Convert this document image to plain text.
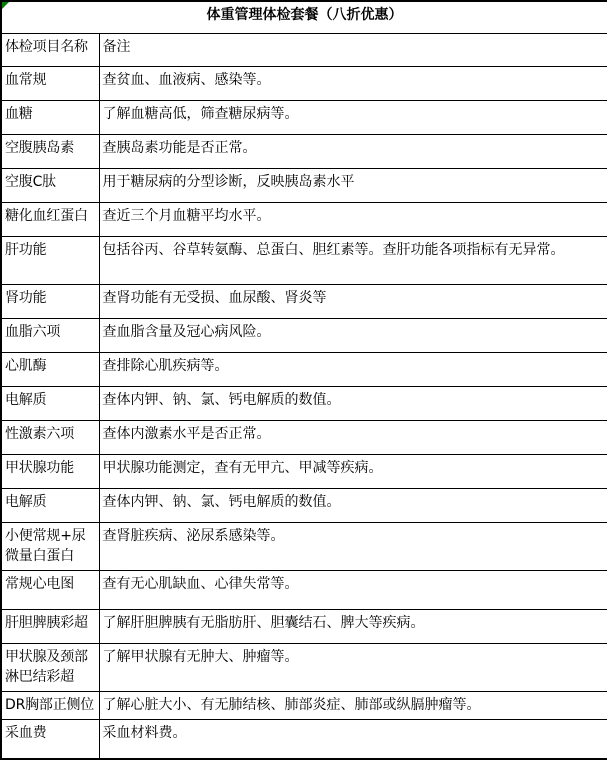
体重管理体检套餐（八折优惠）	
体检项目名称	备注
血常规	查贫血、血液病、感染等。
血糖	了解血糖高低，筛查糖尿病等。
空腹胰岛素	查胰岛素功能是否正常。
空腹C肽	用于糖尿病的分型诊断，反映胰岛素水平
糖化血红蛋白	查近三个月血糖平均水平。
肝功能	包括谷丙、谷草转氨酶、总蛋白、胆红素等。查肝功能各项指标有无异常。
肾功能	查肾功能有无受损、血尿酸、肾炎等
血脂六项	查血脂含量及冠心病风险。
心肌酶	查排除心肌疾病等。
电解质	查体内钾、钠、氯、钙电解质的数值。
性激素六项	查体内激素水平是否正常。
甲状腺功能	甲状腺功能测定，查有无甲亢、甲减等疾病。
电解质	查体内钾、钠、氯、钙电解质的数值。
小便常规+尿微量白蛋白	查肾脏疾病、泌尿系感染等。
常规心电图	查有无心肌缺血、心律失常等。
肝胆脾胰彩超	了解肝胆脾胰有无脂肪肝、胆囊结石、脾大等疾病。
甲状腺及颈部淋巴结彩超	了解甲状腺有无肿大、肿瘤等。
DR胸部正侧位	了解心脏大小、有无肺结核、肺部炎症、肺部或纵膈肿瘤等。
采血费	采血材料费。
